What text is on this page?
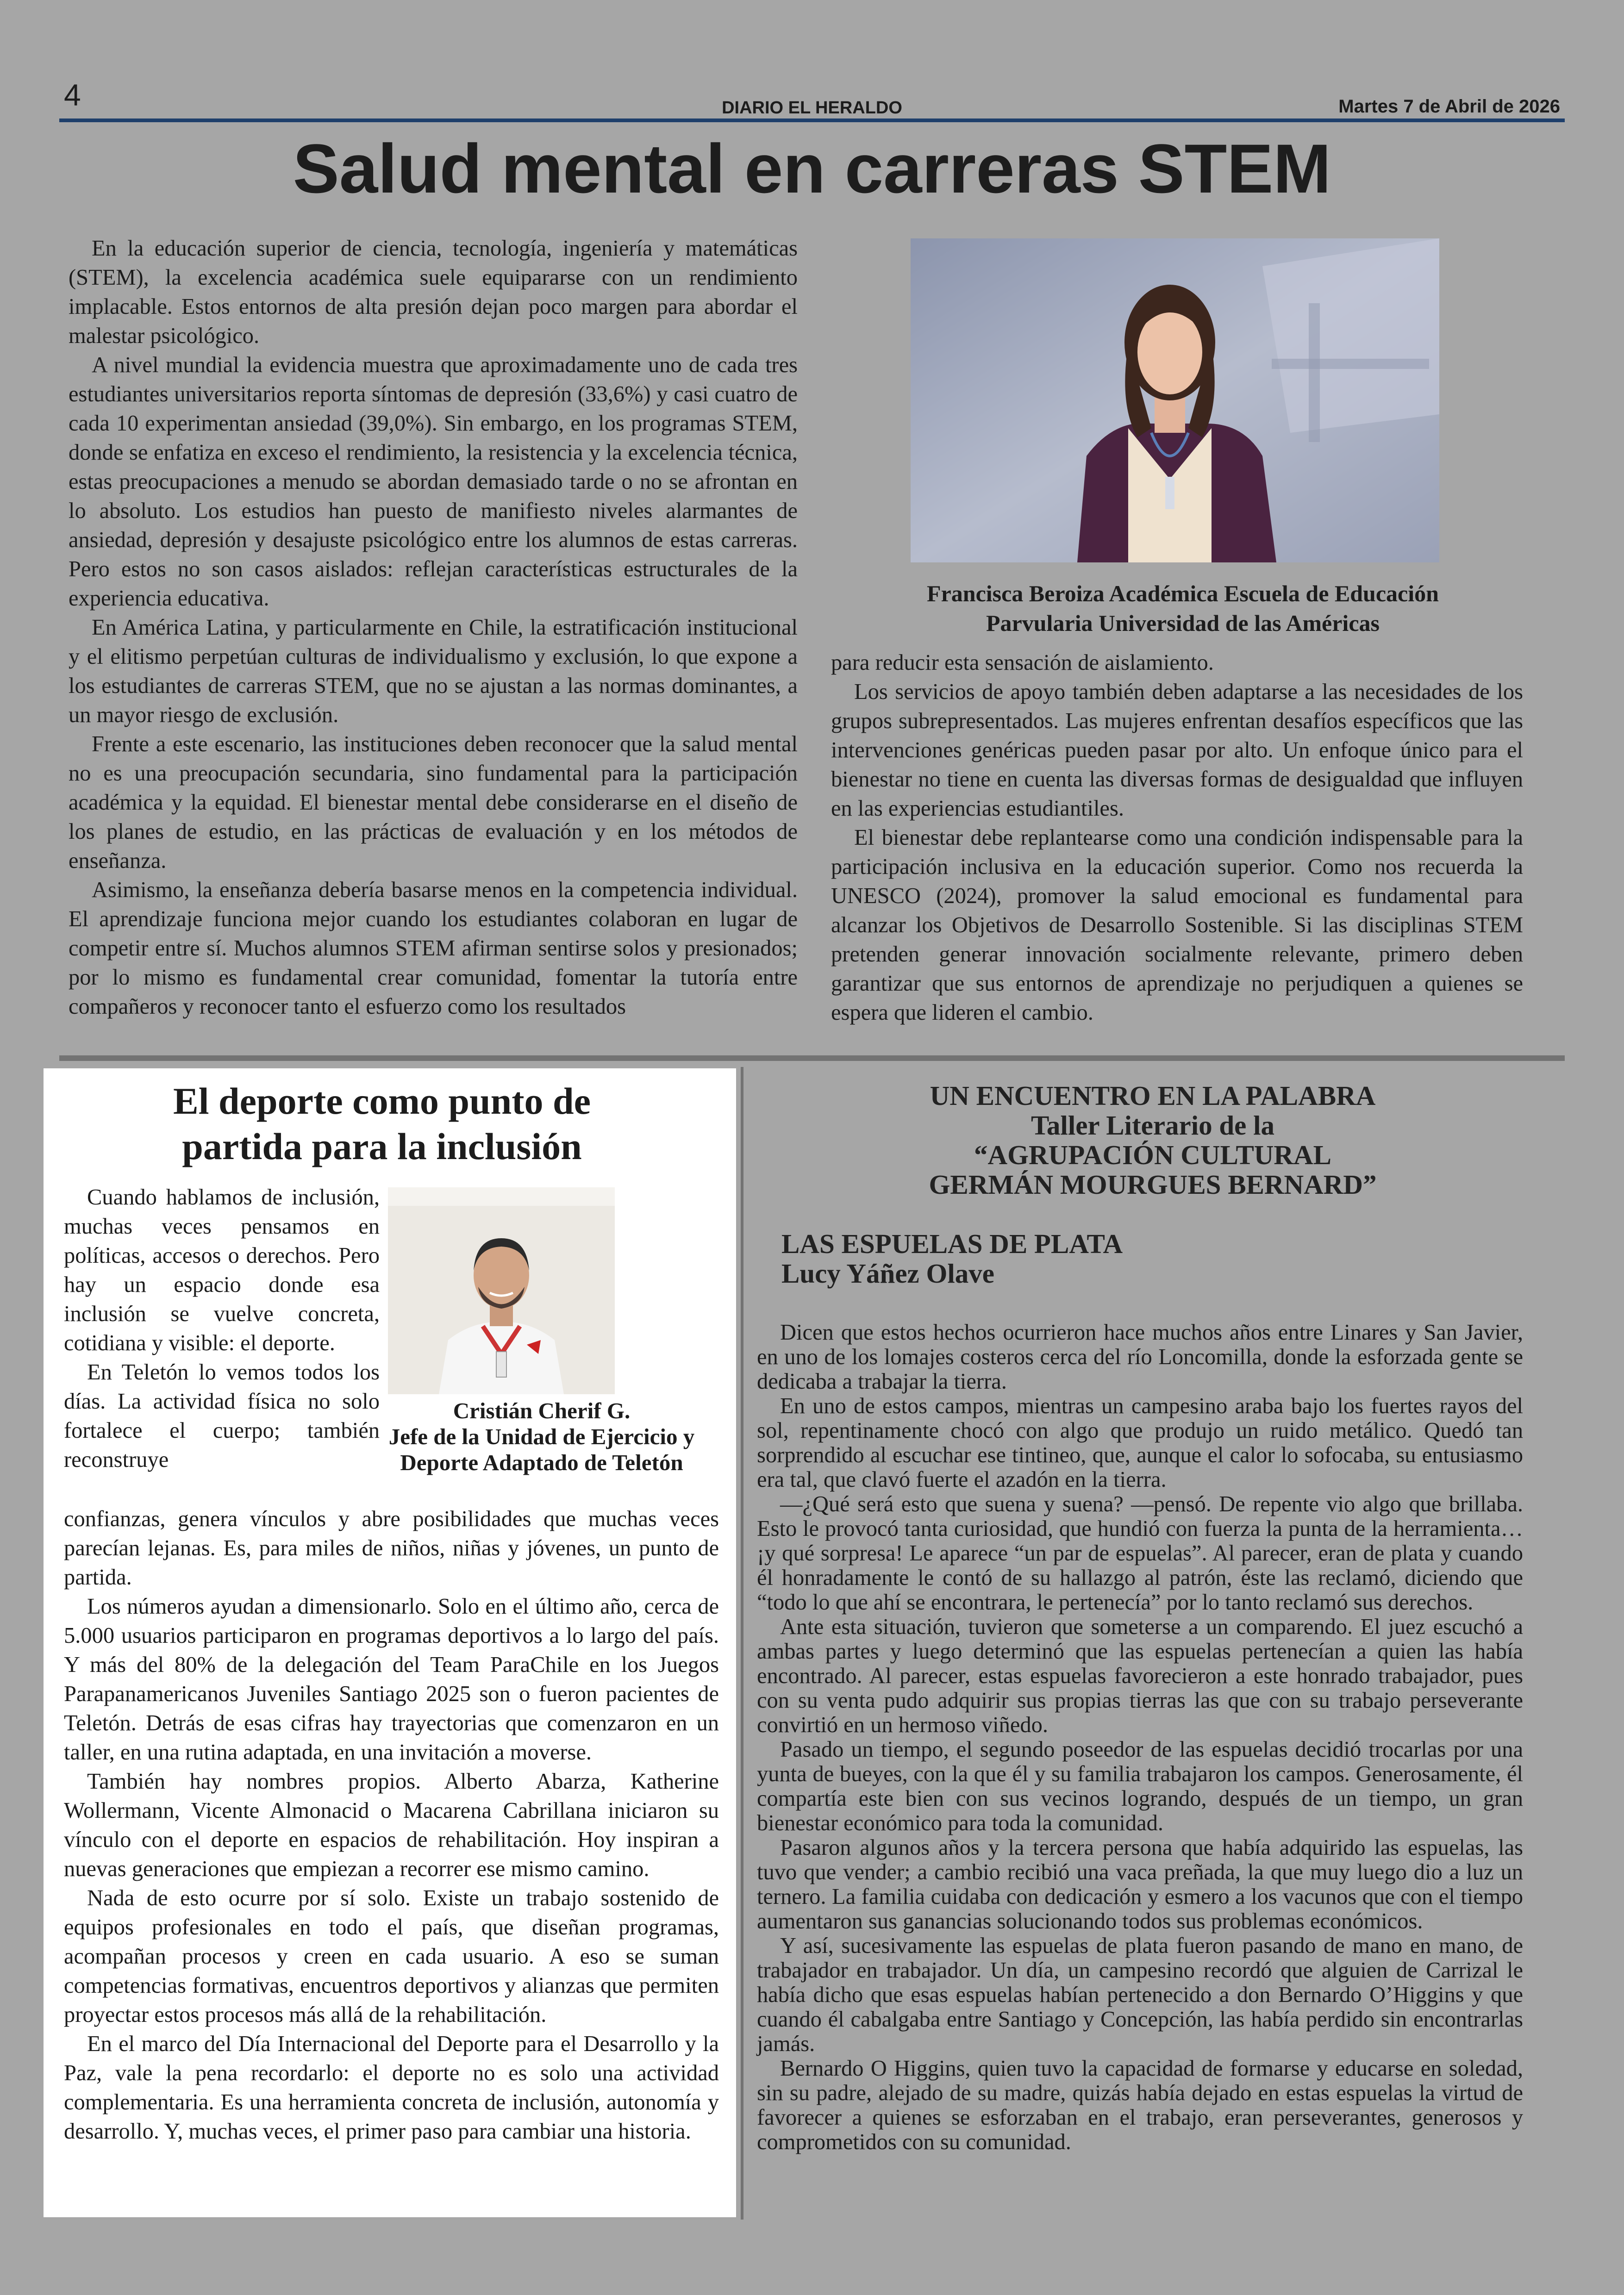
4	DIARIO EL HERALDO	Martes 7 de Abril de 2026
Salud mental en carreras STEM

En la educación superior de ciencia, tecnología, ingeniería y matemáticas (STEM), la excelencia académica suele equipararse con un rendimiento implacable. Estos entornos de alta presión dejan poco margen para abordar el malestar psicológico.

A nivel mundial la evidencia muestra que aproximadamente uno de cada tres estudiantes universitarios reporta síntomas de depresión (33,6%) y casi cuatro de cada 10 experimentan ansiedad (39,0%). Sin embargo, en los programas STEM, donde se enfatiza en exceso el rendimiento, la resistencia y la excelencia técnica, estas preocupaciones a menudo se abordan demasiado tarde o no se afrontan en lo absoluto. Los estudios han puesto de manifiesto niveles alarmantes de ansiedad, depresión y desajuste psicológico entre los alumnos de estas carreras. Pero estos no son casos aislados: reflejan características estructurales de la experiencia educativa.

En América Latina, y particularmente en Chile, la estratificación institucional y el elitismo perpetúan culturas de individualismo y exclusión, lo que expone a los estudiantes de carreras STEM, que no se ajustan a las normas dominantes, a un mayor riesgo de exclusión.

Frente a este escenario, las instituciones deben reconocer que la salud mental no es una preocupación secundaria, sino fundamental para la participación académica y la equidad. El bienestar mental debe considerarse en el diseño de los planes de estudio, en las prácticas de evaluación y en los métodos de enseñanza.

Asimismo, la enseñanza debería basarse menos en la competencia individual. El aprendizaje funciona mejor cuando los estudiantes colaboran en lugar de competir entre sí. Muchos alumnos STEM afirman sentirse solos y presionados; por lo mismo es fundamental crear comunidad, fomentar la tutoría entre compañeros y reconocer tanto el esfuerzo como los resultados

Francisca Beroiza Académica Escuela de Educación
Parvularia Universidad de las Américas

para reducir esta sensación de aislamiento.

Los servicios de apoyo también deben adaptarse a las necesidades de los grupos subrepresentados. Las mujeres enfrentan desafíos específicos que las intervenciones genéricas pueden pasar por alto. Un enfoque único para el bienestar no tiene en cuenta las diversas formas de desigualdad que influyen en las experiencias estudiantiles.

El bienestar debe replantearse como una condición indispensable para la participación inclusiva en la educación superior. Como nos recuerda la UNESCO (2024), promover la salud emocional es fundamental para alcanzar los Objetivos de Desarrollo Sostenible. Si las disciplinas STEM pretenden generar innovación socialmente relevante, primero deben garantizar que sus entornos de aprendizaje no perjudiquen a quienes se espera que lideren el cambio.

El deporte como punto de
partida para la inclusión

Cuando hablamos de inclusión, muchas veces pensamos en políticas, accesos o derechos. Pero hay un espacio donde esa inclusión se vuelve concreta, cotidiana y visible: el deporte.

En Teletón lo vemos todos los días. La actividad física no solo fortalece el cuerpo; también reconstruye

Cristián Cherif G.
Jefe de la Unidad de Ejercicio y
Deporte Adaptado de Teletón

confianzas, genera vínculos y abre posibilidades que muchas veces parecían lejanas. Es, para miles de niños, niñas y jóvenes, un punto de partida.

Los números ayudan a dimensionarlo. Solo en el último año, cerca de 5.000 usuarios participaron en programas deportivos a lo largo del país. Y más del 80% de la delegación del Team ParaChile en los Juegos Parapanamericanos Juveniles Santiago 2025 son o fueron pacientes de Teletón. Detrás de esas cifras hay trayectorias que comenzaron en un taller, en una rutina adaptada, en una invitación a moverse.

También hay nombres propios. Alberto Abarza, Katherine Wollermann, Vicente Almonacid o Macarena Cabrillana iniciaron su vínculo con el deporte en espacios de rehabilitación. Hoy inspiran a nuevas generaciones que empiezan a recorrer ese mismo camino.

Nada de esto ocurre por sí solo. Existe un trabajo sostenido de equipos profesionales en todo el país, que diseñan programas, acompañan procesos y creen en cada usuario. A eso se suman competencias formativas, encuentros deportivos y alianzas que permiten proyectar estos procesos más allá de la rehabilitación.

En el marco del Día Internacional del Deporte para el Desarrollo y la Paz, vale la pena recordarlo: el deporte no es solo una actividad complementaria. Es una herramienta concreta de inclusión, autonomía y desarrollo. Y, muchas veces, el primer paso para cambiar una historia.

UN ENCUENTRO EN LA PALABRA
Taller Literario de la
“AGRUPACIÓN CULTURAL
GERMÁN MOURGUES BERNARD”
LAS ESPUELAS DE PLATA
Lucy Yáñez Olave

Dicen que estos hechos ocurrieron hace muchos años entre Linares y San Javier, en uno de los lomajes costeros cerca del río Loncomilla, donde la esforzada gente se dedicaba a trabajar la tierra.

En uno de estos campos, mientras un campesino araba bajo los fuertes rayos del sol, repentinamente chocó con algo que produjo un ruido metálico. Quedó tan sorprendido al escuchar ese tintineo, que, aunque el calor lo sofocaba, su entusiasmo era tal, que clavó fuerte el azadón en la tierra.

—¿Qué será esto que suena y suena? —pensó. De repente vio algo que brillaba. Esto le provocó tanta curiosidad, que hundió con fuerza la punta de la herramienta… ¡y qué sorpresa! Le aparece “un par de espuelas”. Al parecer, eran de plata y cuando él honradamente le contó de su hallazgo al patrón, éste las reclamó, diciendo que “todo lo que ahí se encontrara, le pertenecía” por lo tanto reclamó sus derechos.

Ante esta situación, tuvieron que someterse a un comparendo. El juez escuchó a ambas partes y luego determinó que las espuelas pertenecían a quien las había encontrado. Al parecer, estas espuelas favorecieron a este honrado trabajador, pues con su venta pudo adquirir sus propias tierras las que con su trabajo perseverante convirtió en un hermoso viñedo.

Pasado un tiempo, el segundo poseedor de las espuelas decidió trocarlas por una yunta de bueyes, con la que él y su familia trabajaron los campos. Generosamente, él compartía este bien con sus vecinos logrando, después de un tiempo, un gran bienestar económico para toda la comunidad.

Pasaron algunos años y la tercera persona que había adquirido las espuelas, las tuvo que vender; a cambio recibió una vaca preñada, la que muy luego dio a luz un ternero. La familia cuidaba con dedicación y esmero a los vacunos que con el tiempo aumentaron sus ganancias solucionando todos sus problemas económicos.

Y así, sucesivamente las espuelas de plata fueron pasando de mano en mano, de trabajador en trabajador. Un día, un campesino recordó que alguien de Carrizal le había dicho que esas espuelas habían pertenecido a don Bernardo O’Higgins y que cuando él cabalgaba entre Santiago y Concepción, las había perdido sin encontrarlas jamás.

Bernardo O Higgins, quien tuvo la capacidad de formarse y educarse en soledad, sin su padre, alejado de su madre, quizás había dejado en estas espuelas la virtud de favorecer a quienes se esforzaban en el trabajo, eran perseverantes, generosos y comprometidos con su comunidad.
